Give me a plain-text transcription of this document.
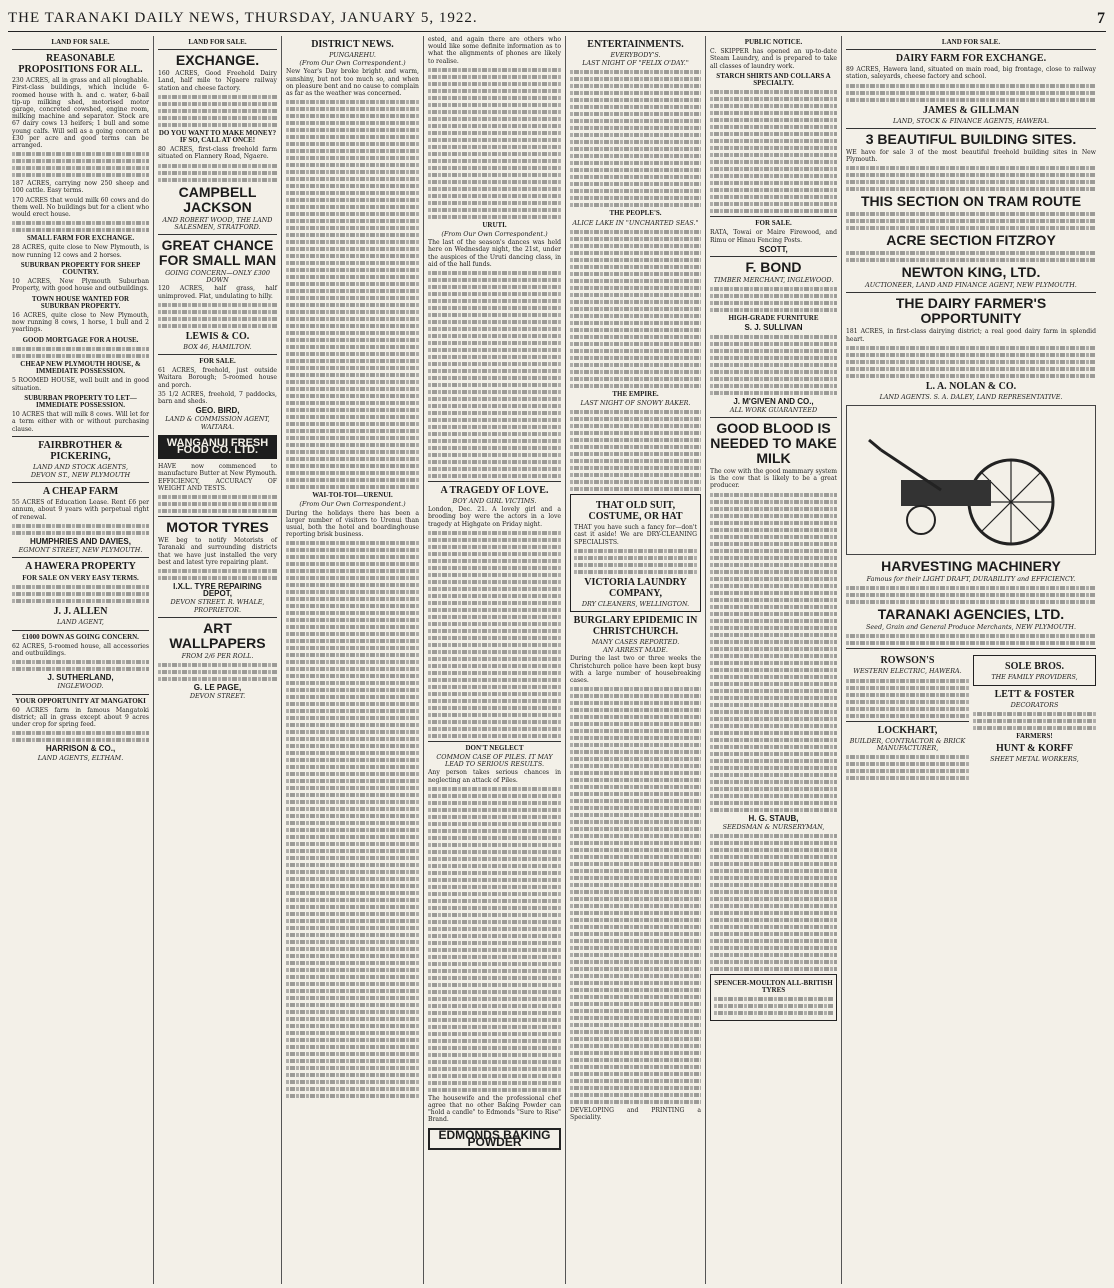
THE TARANAKI DAILY NEWS, THURSDAY, JANUARY 5, 1922.	7
LAND FOR SALE.
REASONABLE PROPOSITIONS FOR ALL.
230 ACRES, all in grass and all ploughable. First-class buildings, which include 6-roomed house with h. and c. water, 6-bail tip-up milking shed, motorised motor garage, concreted cowshed, engine room, milking machine and separator. Stock are 67 dairy cows 13 heifers; 1 bull and some young calfs. Will sell as a going concern at £30 per acre and good terms can be arranged.
187 ACRES, carrying now 250 sheep and 100 cattle. Easy terms.
170 ACRES that would milk 60 cows and do them well. No buildings but for a client who would erect house.
SMALL FARM FOR EXCHANGE.
28 ACRES, quite close to New Plymouth, is now running 12 cows and 2 horses.
SUBURBAN PROPERTY FOR SHEEP COUNTRY.
10 ACRES, New Plymouth Suburban Property, with good house and outbuildings.
TOWN HOUSE WANTED FOR SUBURBAN PROPERTY.
16 ACRES, quite close to New Plymouth, now running 8 cows, 1 horse, 1 bull and 2 yearlings.
GOOD MORTGAGE FOR A HOUSE.
CHEAP NEW PLYMOUTH HOUSE, & IMMEDIATE POSSESSION.
5 ROOMED HOUSE, well built and in good situation.
SUBURBAN PROPERTY TO LET—IMMEDIATE POSSESSION.
10 ACRES that will milk 8 cows. Will let for a term either with or without purchasing clause.
FAIRBROTHER & PICKERING,
LAND AND STOCK AGENTS,
DEVON ST., NEW PLYMOUTH
A CHEAP FARM
55 ACRES of Education Lease. Rent £6 per annum, about 9 years with perpetual right of renewal.
HUMPHRIES AND DAVIES,
EGMONT STREET, NEW PLYMOUTH.
A HAWERA PROPERTY
FOR SALE ON VERY EASY TERMS.
J. J. ALLEN
LAND AGENT,
£1000 DOWN AS GOING CONCERN.
62 ACRES, 5-roomed house, all accessories and outbuildings.
J. SUTHERLAND,
INGLEWOOD.
YOUR OPPORTUNITY AT MANGATOKI
60 ACRES farm in famous Mangatoki district; all in grass except about 9 acres under crop for spring feed.
HARRISON & CO.,
LAND AGENTS, ELTHAM.
LAND FOR SALE.
EXCHANGE.
160 ACRES, Good Freehold Dairy Land, half mile to Ngaere railway station and cheese factory.
DO YOU WANT TO MAKE MONEY? IF SO, CALL AT ONCE!
80 ACRES, first-class freehold farm situated on Flannery Road, Ngaere.
CAMPBELL JACKSON
AND ROBERT WOOD, THE LAND SALESMEN, STRATFORD.
GREAT CHANCE FOR SMALL MAN
GOING CONCERN—ONLY £300 DOWN
120 ACRES, half grass, half unimproved. Flat, undulating to hilly.
LEWIS & CO.
BOX 46, HAMILTON.
FOR SALE.
61 ACRES, freehold, just outside Waitara Borough; 5-roomed house and porch.
35 1/2 ACRES, freehold, 7 paddocks, barn and sheds.
GEO. BIRD,
LAND & COMMISSION AGENT, WAITARA.
WANGANUI FRESH FOOD CO. LTD.
HAVE now commenced to manufacture Butter at New Plymouth. EFFICIENCY, ACCURACY OF WEIGHT AND TESTS.
MOTOR TYRES
WE beg to notify Motorists of Taranaki and surrounding districts that we have just installed the very best and latest tyre repairing plant.
I.X.L. TYRE REPAIRING DEPOT,
DEVON STREET. R. WHALE, PROPRIETOR.
ART WALLPAPERS
FROM 2/6 PER ROLL.
G. LE PAGE,
DEVON STREET.
DISTRICT NEWS.
PUNGAREHU.
(From Our Own Correspondent.)
New Year's Day broke bright and warm, sunshiny, but not too much so, and when on pleasure bent and no cause to complain as far as the weather was concerned.
WAI-TOI-TOI—URENUI.
(From Our Own Correspondent.)
During the holidays there has been a larger number of visitors to Urenui than usual, both the hotel and boardinghouse reporting brisk business.
ested, and again there are others who would like some definite information as to what the alignments of phones are likely to realise.
URUTI.
(From Our Own Correspondent.)
The last of the season's dances was held here on Wednesday night, the 21st, under the auspices of the Uruti dancing class, in aid of the hall funds.
A TRAGEDY OF LOVE.
BOY AND GIRL VICTIMS.
London, Dec. 21. A lovely girl and a brooding boy were the actors in a love tragedy at Highgate on Friday night.
DON'T NEGLECT
COMMON CASE OF PILES. IT MAY LEAD TO SERIOUS RESULTS.
Any person takes serious chances in neglecting an attack of Piles.
The housewife and the professional chef agree that no other Baking Powder can "hold a candle" to Edmonds "Sure to Rise" Brand.
EDMONDS BAKING POWDER
ENTERTAINMENTS.
EVERYBODY'S.
LAST NIGHT OF "FELIX O'DAY."
THE PEOPLE'S.
ALICE LAKE IN "UNCHARTED SEAS."
THE EMPIRE.
LAST NIGHT OF SNOWY BAKER.
THAT OLD SUIT, COSTUME, OR HAT
THAT you have such a fancy for—don't cast it aside! We are DRY-CLEANING SPECIALISTS.
VICTORIA LAUNDRY COMPANY,
DRY CLEANERS, WELLINGTON.
BURGLARY EPIDEMIC IN CHRISTCHURCH.
MANY CASES REPORTED.
AN ARREST MADE.
During the last two or three weeks the Christchurch police have been kept busy with a large number of housebreaking cases.
DEVELOPING and PRINTING a Speciality.
PUBLIC NOTICE.
C. SKIPPER has opened an up-to-date Steam Laundry, and is prepared to take all classes of laundry work.
STARCH SHIRTS AND COLLARS A SPECIALTY.
FOR SALE.
RATA, Towai or Maire Firewood, and Rimu or Hinau Fencing Posts.
SCOTT,
F. BOND
TIMBER MERCHANT, INGLEWOOD.
HIGH-GRADE FURNITURE
S. J. SULLIVAN
J. M'GIVEN AND CO.,
ALL WORK GUARANTEED
GOOD BLOOD IS NEEDED TO MAKE MILK
The cow with the good mammary system is the cow that is likely to be a great producer.
H. G. STAUB,
SEEDSMAN & NURSERYMAN,
SPENCER-MOULTON ALL-BRITISH TYRES
LAND FOR SALE.
DAIRY FARM FOR EXCHANGE.
89 ACRES, Hawera land, situated on main road, big frontage, close to railway station, saleyards, cheese factory and school.
JAMES & GILLMAN
LAND, STOCK & FINANCE AGENTS, HAWERA.
3 BEAUTIFUL BUILDING SITES.
WE have for sale 3 of the most beautiful freehold building sites in New Plymouth.
THIS SECTION ON TRAM ROUTE
ACRE SECTION FITZROY
NEWTON KING, LTD.
AUCTIONEER, LAND AND FINANCE AGENT, NEW PLYMOUTH.
THE DAIRY FARMER'S OPPORTUNITY
181 ACRES, in first-class dairying district; a real good dairy farm in splendid heart.
L. A. NOLAN & CO.
LAND AGENTS. S. A. DALEY, LAND REPRESENTATIVE.
HARVESTING MACHINERY
Famous for their LIGHT DRAFT, DURABILITY and EFFICIENCY.
TARANAKI AGENCIES, LTD.
Seed, Grain and General Produce Merchants, NEW PLYMOUTH.
ROWSON'S
WESTERN ELECTRIC, HAWERA.
LOCKHART,
BUILDER, CONTRACTOR & BRICK MANUFACTURER,
SOLE BROS.
THE FAMILY PROVIDERS,
LETT & FOSTER
DECORATORS
FARMERS!
HUNT & KORFF
SHEET METAL WORKERS,
